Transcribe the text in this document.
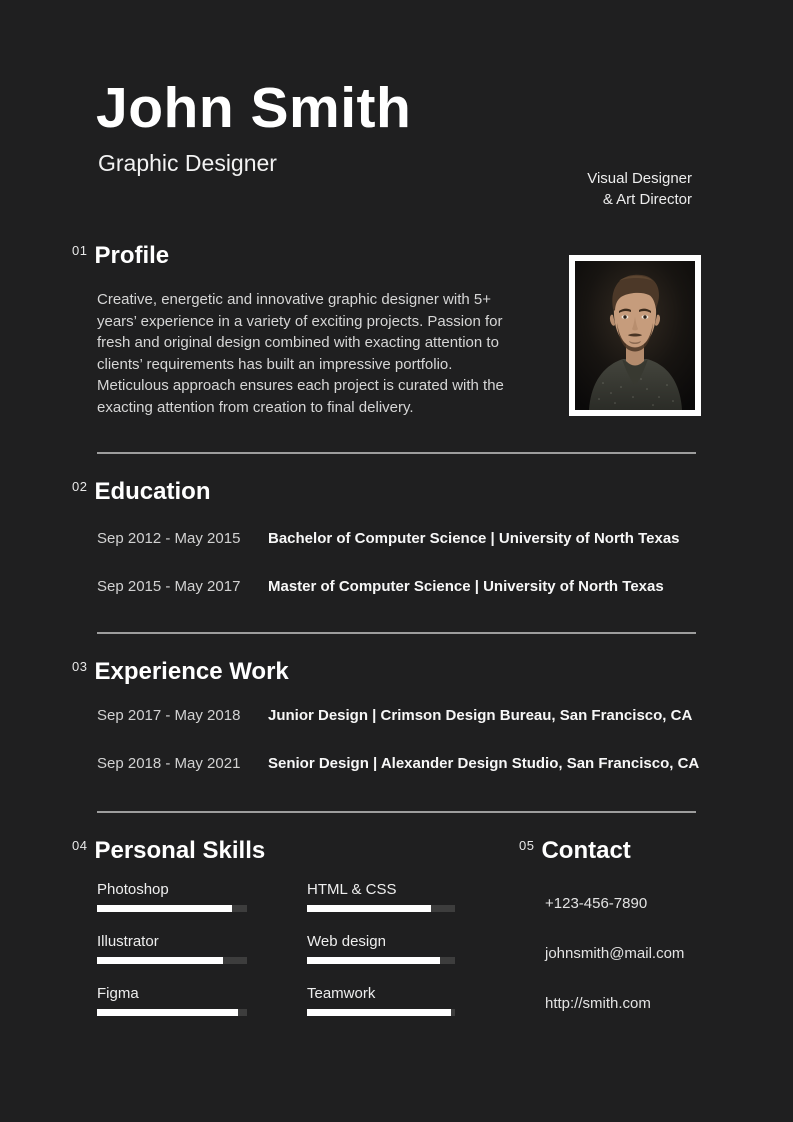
John Smith
Graphic Designer
Visual Designer
& Art Director
01 Profile
Creative, energetic and innovative graphic designer with 5+
years’ experience in a variety of exciting projects. Passion for
fresh and original design combined with exacting attention to
clients’ requirements has built an impressive portfolio.
Meticulous approach ensures each project is curated with the
exacting attention from creation to final delivery.
02 Education
Sep 2012 - May 2015	Bachelor of Computer Science | University of North Texas
Sep 2015 - May 2017	Master of Computer Science | University of North Texas
03 Experience Work
Sep 2017 - May 2018	Junior Design | Crimson Design Bureau, San Francisco, CA
Sep 2018 - May 2021	Senior Design | Alexander Design Studio, San Francisco, CA
04 Personal Skills
Photoshop	HTML & CSS
Illustrator	Web design
Figma	Teamwork
05 Contact
+123-456-7890
johnsmith@mail.com
http://smith.com
